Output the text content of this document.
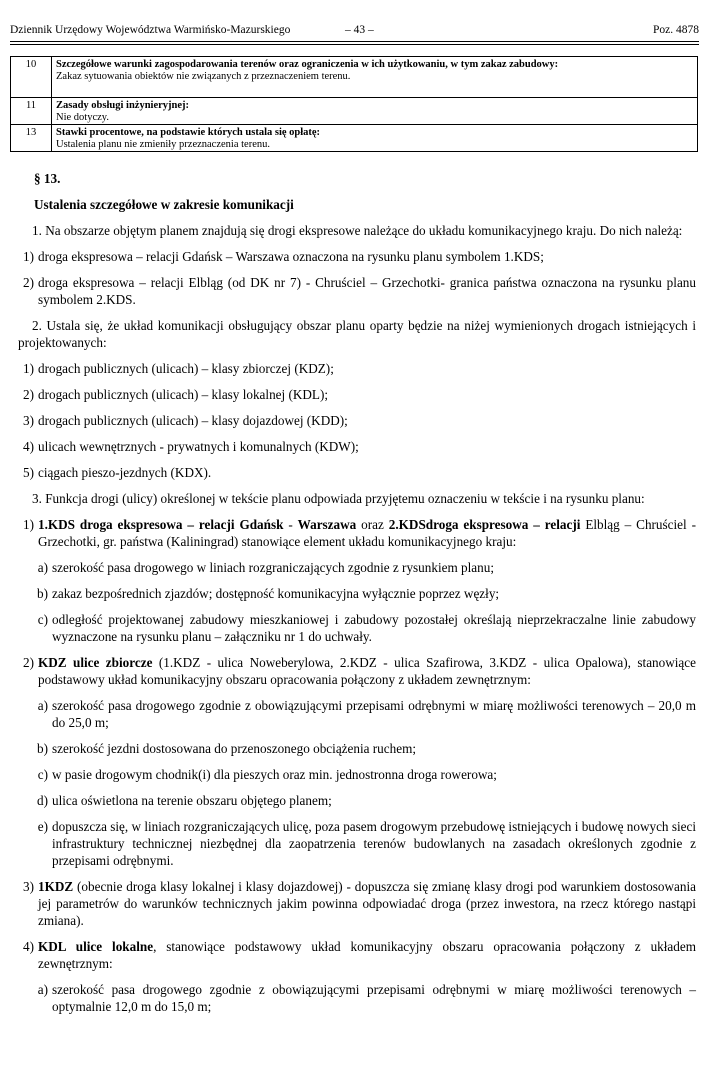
Dziennik Urzędowy Województwa Warmińsko-Mazurskiego	– 43 –	Poz. 4878
10	Szczegółowe warunki zagospodarowania terenów oraz ograniczenia w ich użytkowaniu, w tym zakaz zabudowy:
Zakaz sytuowania obiektów nie związanych z przeznaczeniem terenu.

11	Zasady obsługi inżynieryjnej:
Nie dotyczy.

13	Stawki procentowe, na podstawie których ustala się opłatę:
Ustalenia planu nie zmieniły przeznaczenia terenu.
§ 13.
Ustalenia szczegółowe w zakresie komunikacji

1. Na obszarze objętym planem znajdują się drogi ekspresowe należące do układu komunikacyjnego kraju. Do nich należą:

1) droga ekspresowa – relacji Gdańsk – Warszawa oznaczona na rysunku planu symbolem 1.KDS;
2) droga ekspresowa – relacji Elbląg (od DK nr 7) - Chruściel – Grzechotki- granica państwa oznaczona na rysunku planu symbolem 2.KDS.

2. Ustala się, że układ komunikacji obsługujący obszar planu oparty będzie na niżej wymienionych drogach istniejących i projektowanych:

1) drogach publicznych (ulicach) – klasy zbiorczej (KDZ);
2) drogach publicznych (ulicach) – klasy lokalnej (KDL);
3) drogach publicznych (ulicach) – klasy dojazdowej (KDD);
4) ulicach wewnętrznych - prywatnych i komunalnych (KDW);
5) ciągach pieszo-jezdnych (KDX).

3. Funkcja drogi (ulicy) określonej w tekście planu odpowiada przyjętemu oznaczeniu w tekście i na rysunku planu:

1) 1.KDS droga ekspresowa – relacji Gdańsk - Warszawa oraz 2.KDSdroga ekspresowa – relacji Elbląg – Chruściel -Grzechotki, gr. państwa (Kaliningrad) stanowiące element układu komunikacyjnego kraju:
a) szerokość pasa drogowego w liniach rozgraniczających zgodnie z rysunkiem planu;
b) zakaz bezpośrednich zjazdów; dostępność komunikacyjna wyłącznie poprzez węzły;
c) odległość projektowanej zabudowy mieszkaniowej i zabudowy pozostałej określają nieprzekraczalne linie zabudowy wyznaczone na rysunku planu – załączniku nr 1 do uchwały.
2) KDZ ulice zbiorcze (1.KDZ - ulica Noweberylowa, 2.KDZ - ulica Szafirowa, 3.KDZ - ulica Opalowa), stanowiące podstawowy układ komunikacyjny obszaru opracowania połączony z układem zewnętrznym:
a) szerokość pasa drogowego zgodnie z obowiązującymi przepisami odrębnymi w miarę możliwości terenowych – 20,0 m do 25,0 m;
b) szerokość jezdni dostosowana do przenoszonego obciążenia ruchem;
c) w pasie drogowym chodnik(i) dla pieszych oraz min. jednostronna droga rowerowa;
d) ulica oświetlona na terenie obszaru objętego planem;
e) dopuszcza się, w liniach rozgraniczających ulicę, poza pasem drogowym przebudowę istniejących i budowę nowych sieci infrastruktury technicznej niezbędnej dla zaopatrzenia terenów budowlanych na zasadach określonych zgodnie z przepisami odrębnymi.
3) 1KDZ (obecnie droga klasy lokalnej i klasy dojazdowej) - dopuszcza się zmianę klasy drogi pod warunkiem dostosowania jej parametrów do warunków technicznych jakim powinna odpowiadać droga (przez inwestora, na rzecz którego nastąpi zmiana).
4) KDL ulice lokalne, stanowiące podstawowy układ komunikacyjny obszaru opracowania połączony z układem zewnętrznym:
a) szerokość pasa drogowego zgodnie z obowiązującymi przepisami odrębnymi w miarę możliwości terenowych – optymalnie 12,0 m do 15,0 m;
